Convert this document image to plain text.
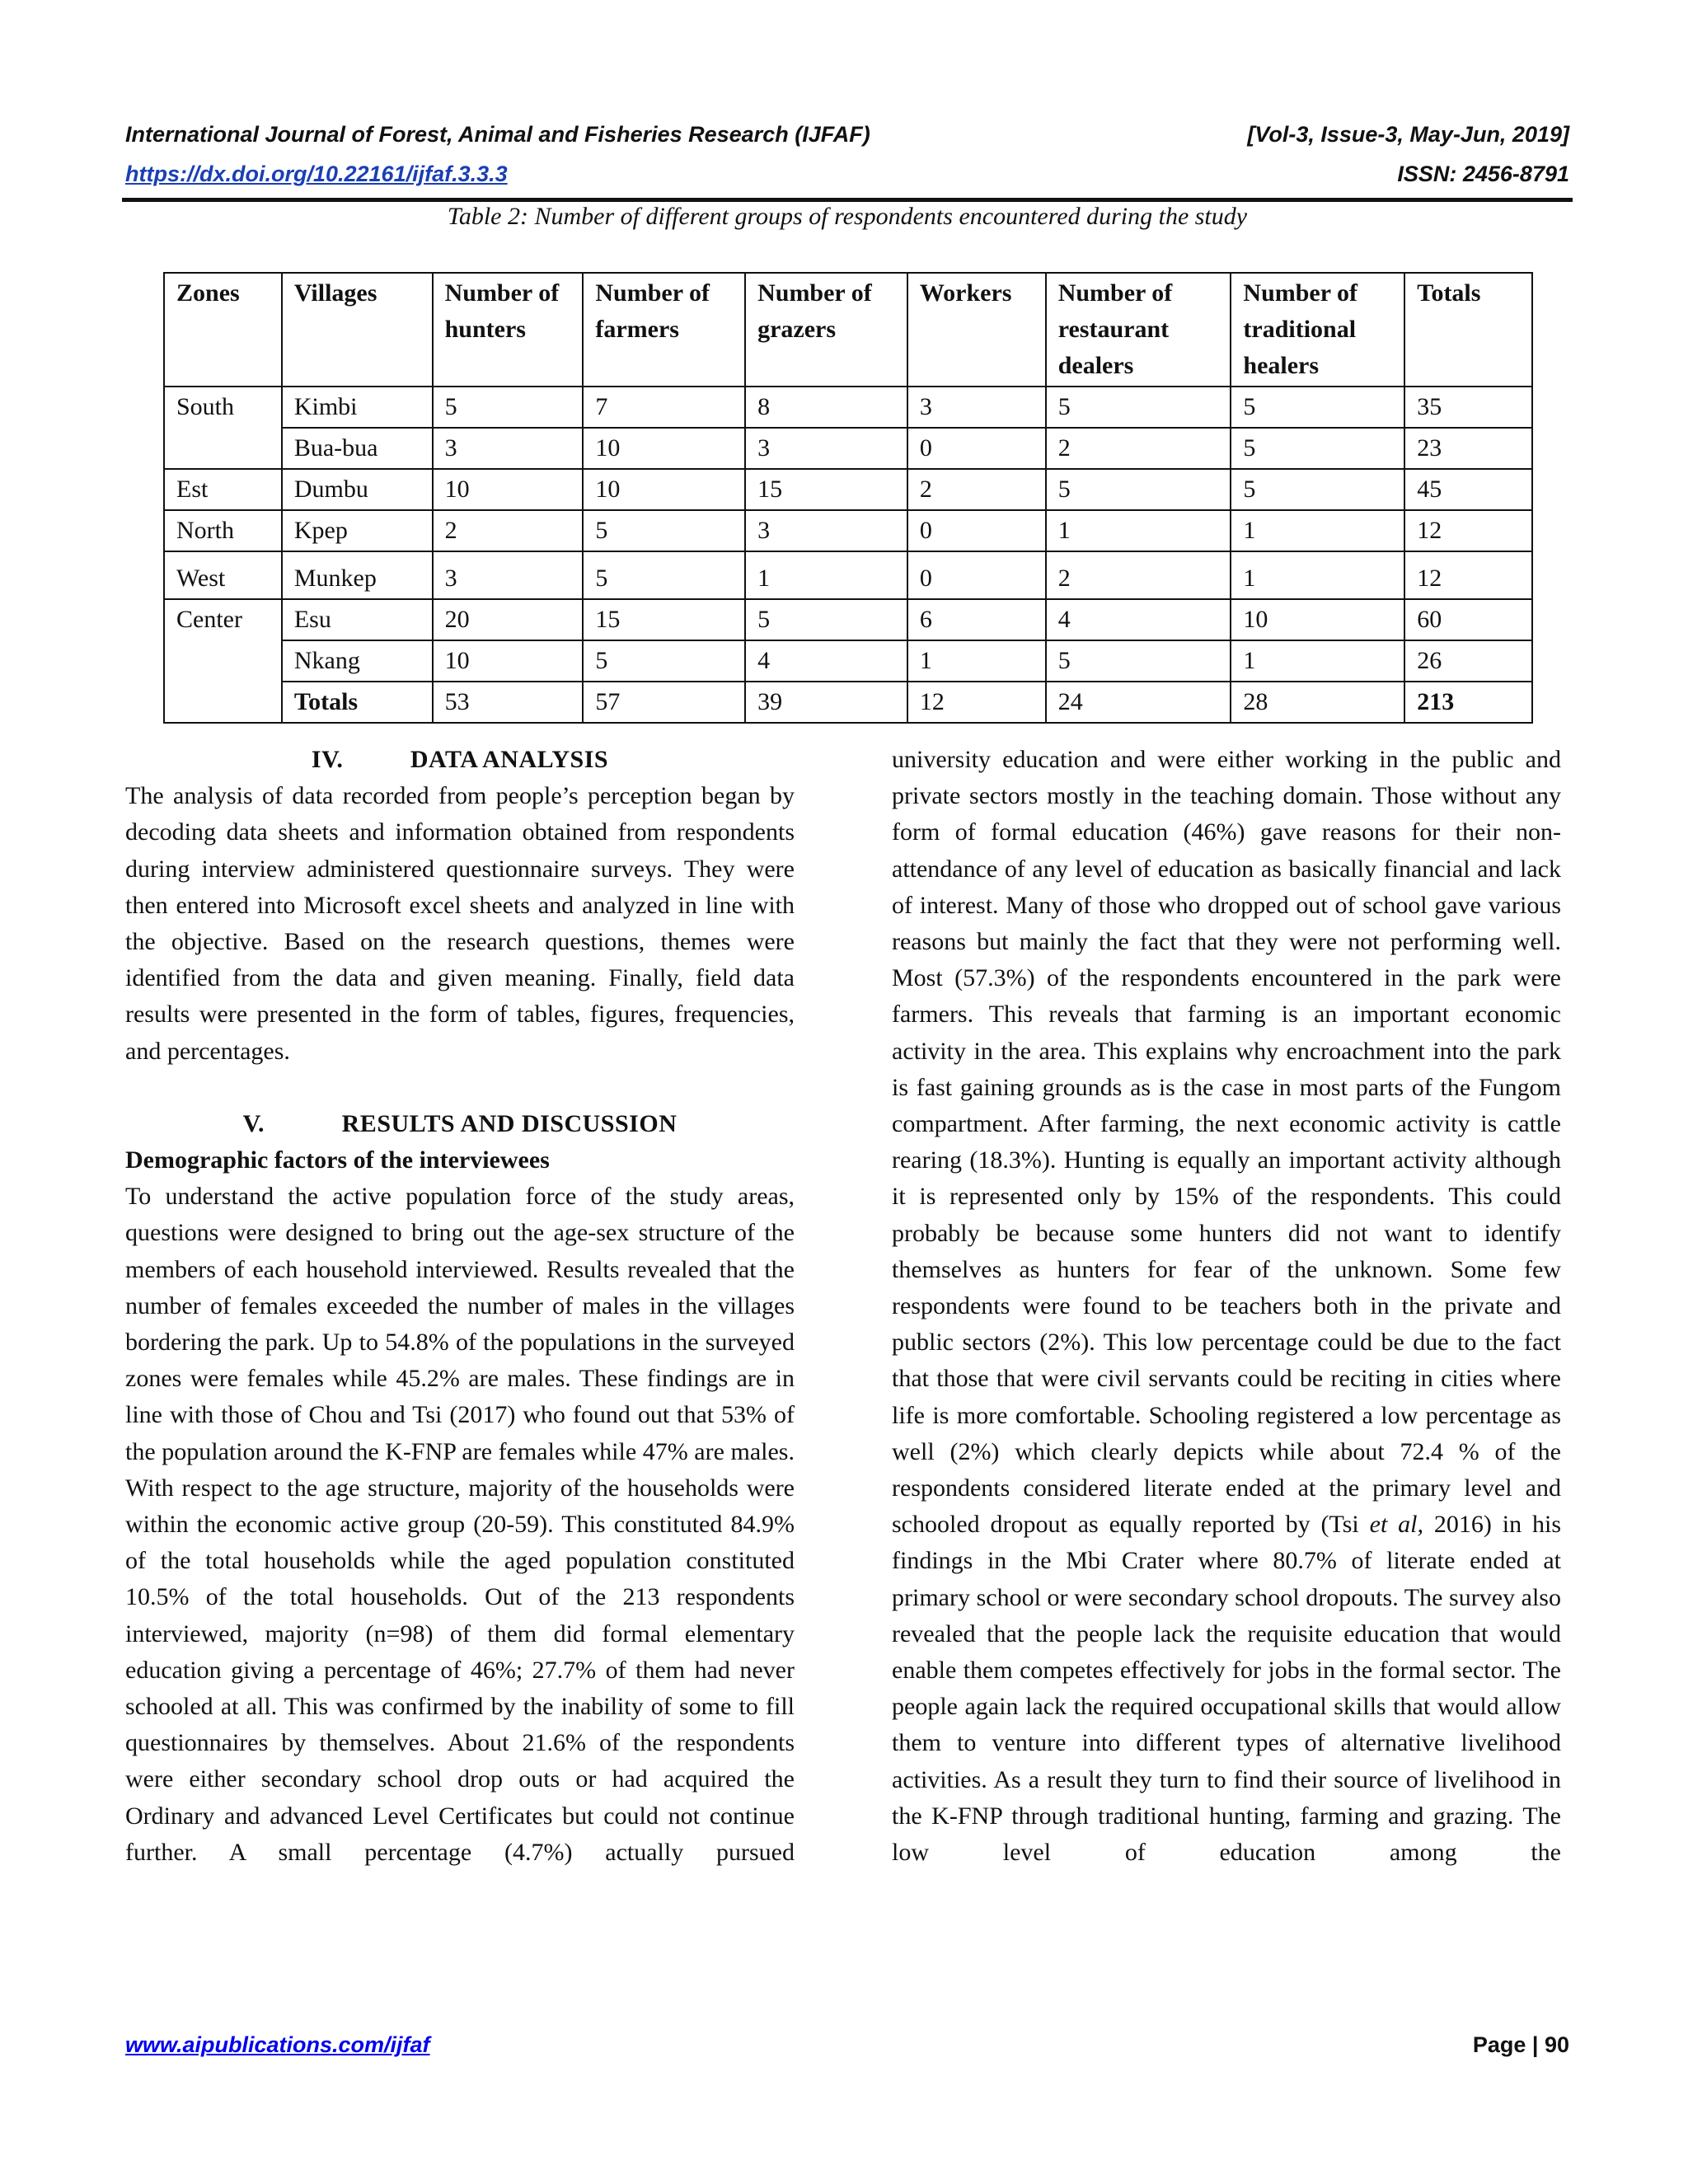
International Journal of Forest, Animal and Fisheries Research (IJFAF)	[Vol-3, Issue-3, May-Jun, 2019]
https://dx.doi.org/10.22161/ijfaf.3.3.3	ISSN: 2456-8791
Table 2: Number of different groups of respondents encountered during the study
Zones	Villages	Number of hunters	Number of farmers	Number of grazers	Workers	Number of restaurant dealers	Number of traditional healers	Totals
South	Kimbi	5	7	8	3	5	5	35
	Bua-bua	3	10	3	0	2	5	23
Est	Dumbu	10	10	15	2	5	5	45
North	Kpep	2	5	3	0	1	1	12
West	Munkep	3	5	1	0	2	1	12
Center	Esu	20	15	5	6	4	10	60
	Nkang	10	5	4	1	5	1	26
	Totals	53	57	39	12	24	28	213

IV.	DATA ANALYSIS

The analysis of data recorded from people’s perception began by decoding data sheets and information obtained from respondents during interview administered questionnaire surveys. They were then entered into Microsoft excel sheets and analyzed in line with the objective. Based on the research questions, themes were identified from the data and given meaning. Finally, field data results were presented in the form of tables, figures, frequencies, and percentages.

V.	RESULTS AND DISCUSSION

Demographic factors of the interviewees

To understand the active population force of the study areas, questions were designed to bring out the age-sex structure of the members of each household interviewed. Results revealed that the number of females exceeded the number of males in the villages bordering the park. Up to 54.8% of the populations in the surveyed zones were females while 45.2% are males. These findings are in line with those of Chou and Tsi (2017) who found out that 53% of the population around the K-FNP are females while 47% are males. With respect to the age structure, majority of the households were within the economic active group (20-59). This constituted 84.9% of the total households while the aged population constituted 10.5% of the total households. Out of the 213 respondents interviewed, majority (n=98) of them did formal elementary education giving a percentage of 46%; 27.7% of them had never schooled at all. This was confirmed by the inability of some to fill questionnaires by themselves. About 21.6% of the respondents were either secondary school drop outs or had acquired the Ordinary and advanced Level Certificates but could not continue further. A small percentage (4.7%) actually pursued

university education and were either working in the public and private sectors mostly in the teaching domain. Those without any form of formal education (46%) gave reasons for their non-attendance of any level of education as basically financial and lack of interest. Many of those who dropped out of school gave various reasons but mainly the fact that they were not performing well. Most (57.3%) of the respondents encountered in the park were farmers. This reveals that farming is an important economic activity in the area. This explains why encroachment into the park is fast gaining grounds as is the case in most parts of the Fungom compartment. After farming, the next economic activity is cattle rearing (18.3%). Hunting is equally an important activity although it is represented only by 15% of the respondents. This could probably be because some hunters did not want to identify themselves as hunters for fear of the unknown. Some few respondents were found to be teachers both in the private and public sectors (2%). This low percentage could be due to the fact that those that were civil servants could be reciting in cities where life is more comfortable. Schooling registered a low percentage as well (2%) which clearly depicts while about 72.4 % of the respondents considered literate ended at the primary level and schooled dropout as equally reported by (Tsi et al, 2016) in his findings in the Mbi Crater where 80.7% of literate ended at primary school or were secondary school dropouts. The survey also revealed that the people lack the requisite education that would enable them competes effectively for jobs in the formal sector. The people again lack the required occupational skills that would allow them to venture into different types of alternative livelihood activities. As a result they turn to find their source of livelihood in the K-FNP through traditional hunting, farming and grazing. The low level of education among the

www.aipublications.com/ijfaf	Page | 90
